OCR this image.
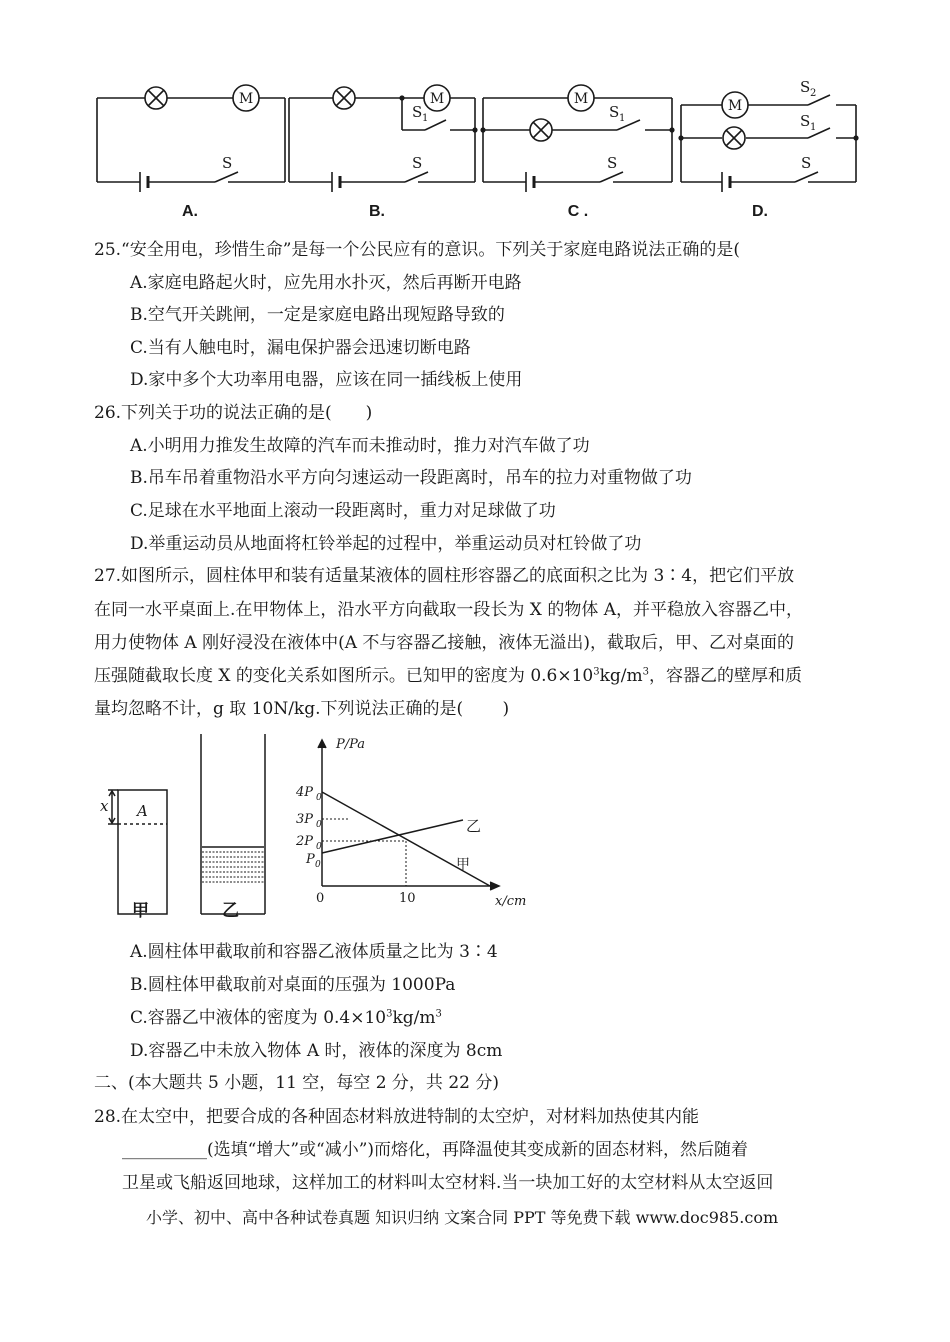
M	M	M	M
S	S	S	S
S 1	S 1
S 2
S 1
A.	B.	C .	D.
25.“安全用电，珍惜生命”是每一个公民应有的意识。下列关于家庭电路说法正确的是(
A.家庭电路起火时，应先用水扑灭，然后再断开电路
B.空气开关跳闸，一定是家庭电路出现短路导致的
C.当有人触电时，漏电保护器会迅速切断电路
D.家中多个大功率用电器，应该在同一插线板上使用
26.下列关于功的说法正确的是(　　)
A.小明用力推发生故障的汽车而未推动时，推力对汽车做了功
B.吊车吊着重物沿水平方向匀速运动一段距离时，吊车的拉力对重物做了功
C.足球在水平地面上滚动一段距离时，重力对足球做了功
D.举重运动员从地面将杠铃举起的过程中，举重运动员对杠铃做了功
27.如图所示，圆柱体甲和装有适量某液体的圆柱形容器乙的底面积之比为 3∶4，把它们平放
在同一水平桌面上.在甲物体上，沿水平方向截取一段长为 X 的物体 A，并平稳放入容器乙中，
用力使物体 A 刚好浸没在液体中(A 不与容器乙接触，液体无溢出)，截取后，甲、乙对桌面的
压强随截取长度 X 的变化关系如图所示。已知甲的密度为 $0.6\times 10^3kg/m^3$，容器乙的壁厚和质
量均忽略不计，g 取 10N/kg.下列说法正确的是(　　 )
x A
甲	乙
P/Pa
x/cm
4P 0
3P 0
2P 0
P 0
0	10
乙
甲
A.圆柱体甲截取前和容器乙液体质量之比为 3∶4
B.圆柱体甲截取前对桌面的压强为 1000Pa
C.容器乙中液体的密度为 $0.4\times 10^3kg/m^3$
D.容器乙中未放入物体 A 时，液体的深度为 8cm
二、(本大题共 5 小题，11 空，每空 2 分，共 22 分)
28.在太空中，把要合成的各种固态材料放进特制的太空炉，对材料加热使其内能
__________(选填“增大”或“减小”)而熔化，再降温使其变成新的固态材料，然后随着
卫星或飞船返回地球，这样加工的材料叫太空材料.当一块加工好的太空材料从太空返回
小学、初中、高中各种试卷真题 知识归纳 文案合同 PPT 等免费下载 www.doc985.com
